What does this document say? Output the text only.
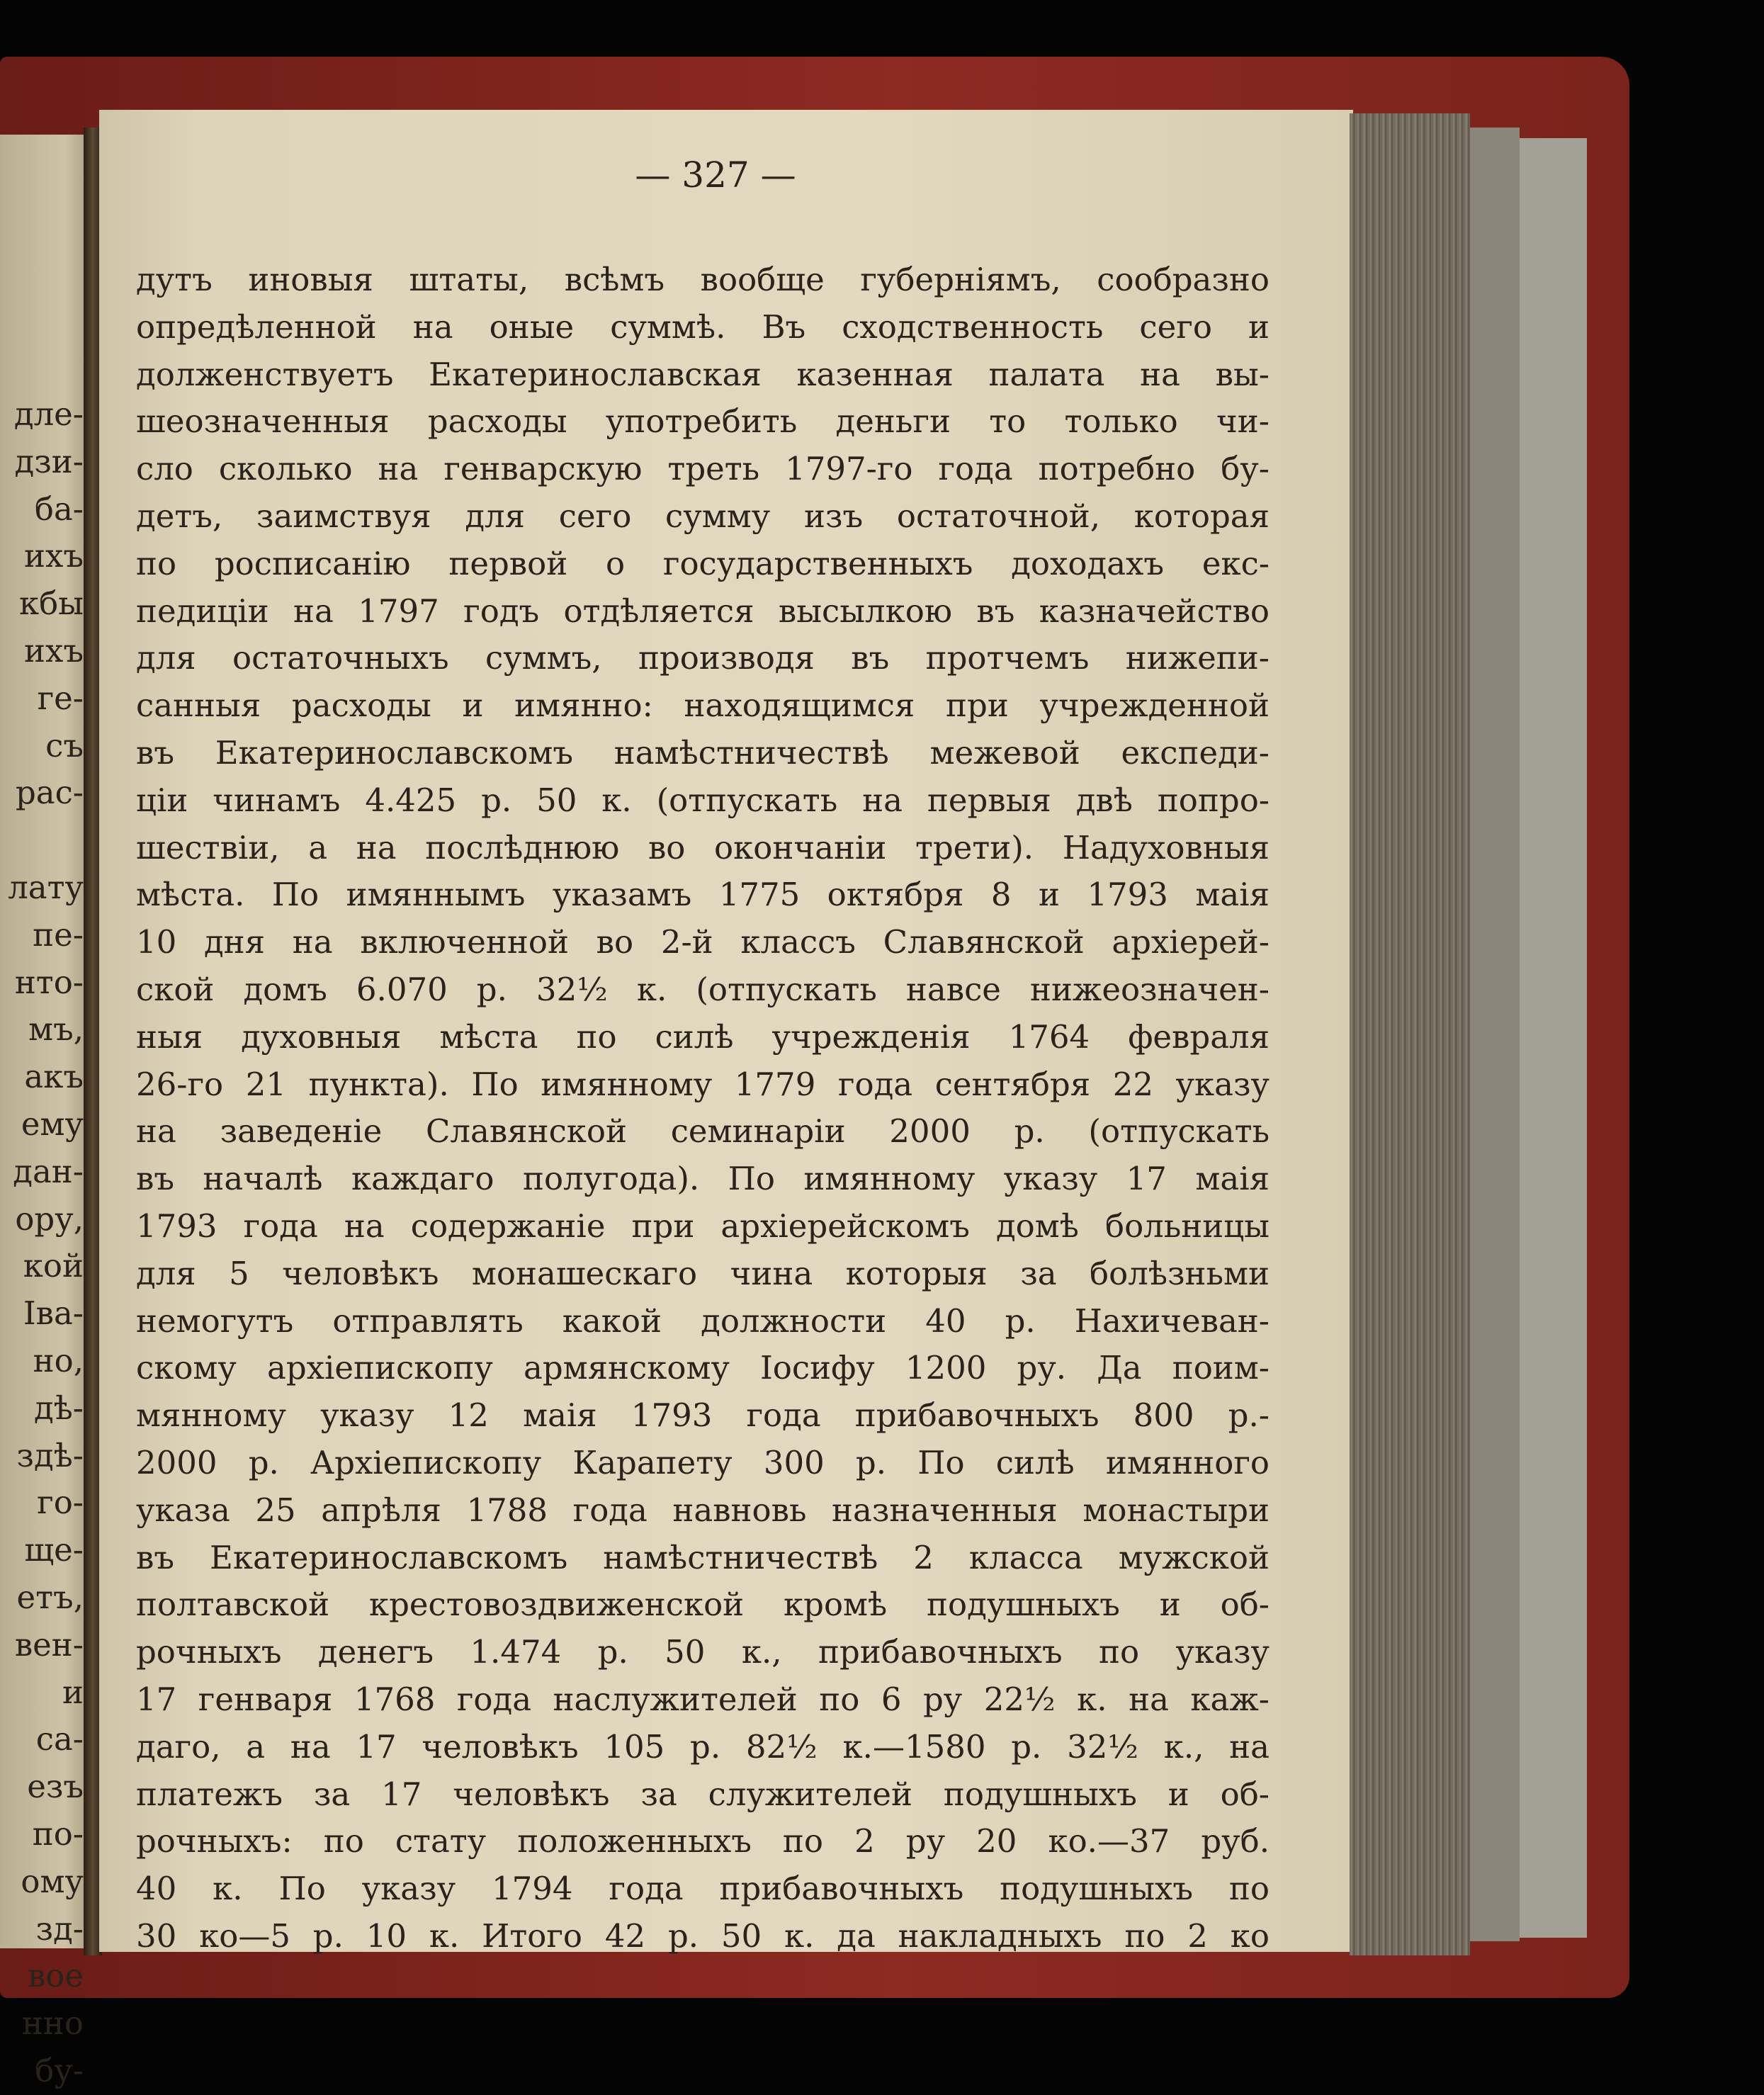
дле-
дзи-
ба-
ихъ
кбы
ихъ
ге-
съ
рас-
лату
пе-
нто-
мъ,
акъ
ему
дан-
ору,
кой
Іва-
но,
дѣ-
здѣ-
го-
ще-
етъ,
вен-
и
са-
езъ
по-
ому
зд-
вое
нно
бу-
— 327 —
дутъ иновыя штаты, всѣмъ вообще губерніямъ, сообразно
опредѣленной на оные суммѣ. Въ сходственность сего и
долженствуетъ Екатеринославская казенная палата на вы-
шеозначенныя расходы употребить деньги то только чи-
сло сколько на генварскую треть 1797-го года потребно бу-
детъ, заимствуя для сего сумму изъ остаточной, которая
по росписанію первой о государственныхъ доходахъ екс-
педиціи на 1797 годъ отдѣляется высылкою въ казначейство
для остаточныхъ суммъ, производя въ протчемъ нижепи-
санныя расходы и имянно: находящимся при учрежденной
въ Екатеринославскомъ намѣстничествѣ межевой експеди-
ціи чинамъ 4.425 р. 50 к. (отпускать на первыя двѣ попро-
шествіи, а на послѣднюю во окончаніи трети). Надуховныя
мѣста. По имяннымъ указамъ 1775 октября 8 и 1793 маія
10 дня на включенной во 2-й классъ Славянской архіерей-
ской домъ 6.070 р. 32½ к. (отпускать навсе нижеозначен-
ныя духовныя мѣста по силѣ учрежденія 1764 февраля
26-го 21 пункта). По имянному 1779 года сентября 22 указу
на заведеніе Славянской семинаріи 2000 р. (отпускать
въ началѣ каждаго полугода). По имянному указу 17 маія
1793 года на содержаніе при архіерейскомъ домѣ больницы
для 5 человѣкъ монашескаго чина которыя за болѣзньми
немогутъ отправлять какой должности 40 р. Нахичеван-
скому архіепископу армянскому Іосифу 1200 ру. Да поим-
мянному указу 12 маія 1793 года прибавочныхъ 800 р.-
2000 р. Архіепископу Карапету 300 р. По силѣ имянного
указа 25 апрѣля 1788 года навновь назначенныя монастыри
въ Екатеринославскомъ намѣстничествѣ 2 класса мужской
полтавской крестовоздвиженской кромѣ подушныхъ и об-
рочныхъ денегъ 1.474 р. 50 к., прибавочныхъ по указу
17 генваря 1768 года наслужителей по 6 ру 22½ к. на каж-
даго, а на 17 человѣкъ 105 р. 82½ к.—1580 р. 32½ к., на
платежъ за 17 человѣкъ за служителей подушныхъ и об-
рочныхъ: по стату положенныхъ по 2 ру 20 ко.—37 руб.
40 к. По указу 1794 года прибавочныхъ подушныхъ по
30 ко—5 р. 10 к. Итого 42 р. 50 к. да накладныхъ по 2 ко
